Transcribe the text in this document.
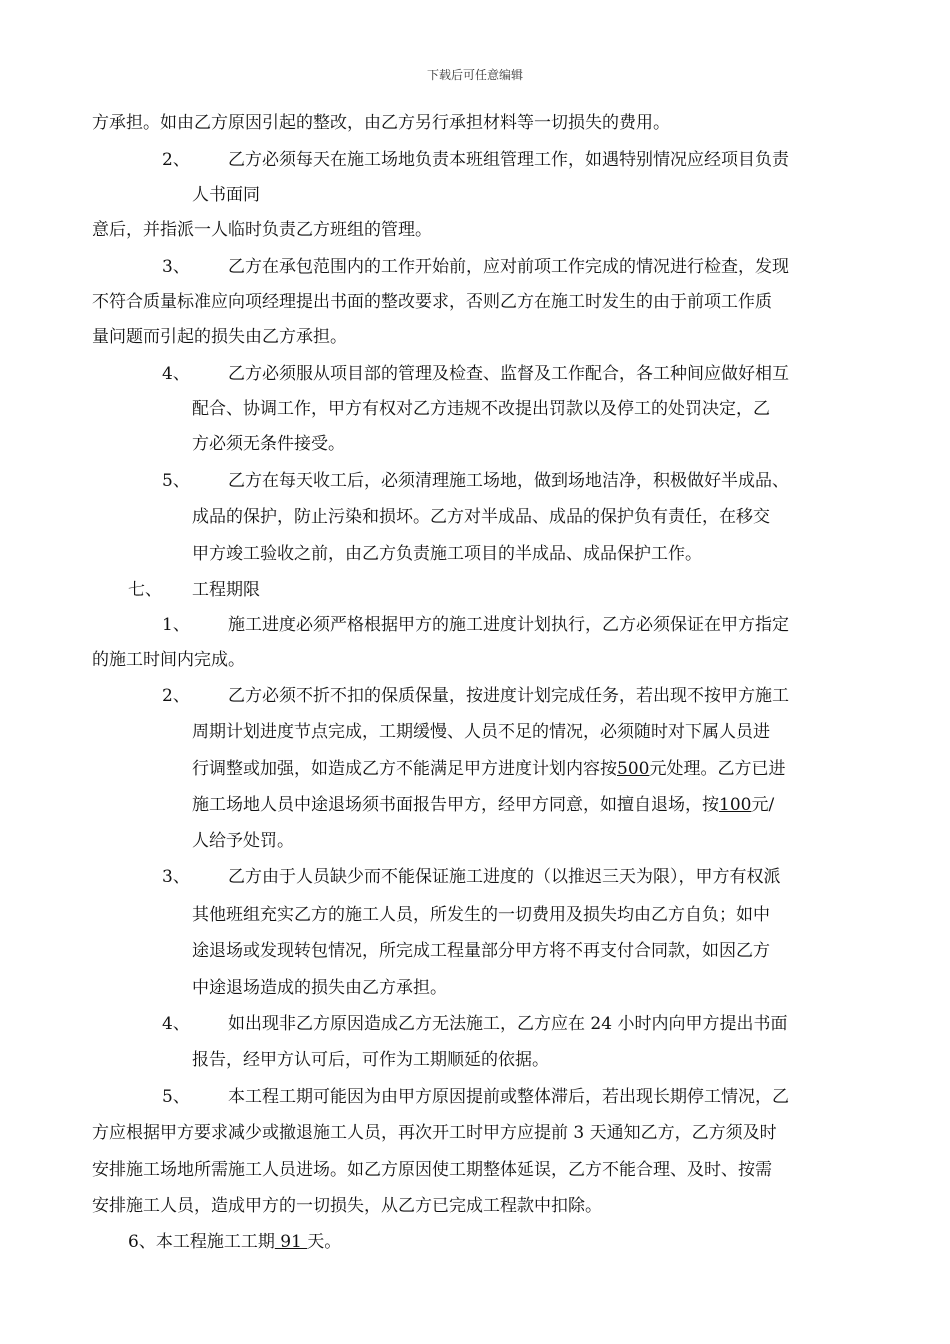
下载后可任意编辑
方承担。如由乙方原因引起的整改，由乙方另行承担材料等一切损失的费用。
2、 乙方必须每天在施工场地负责本班组管理工作，如遇特别情况应经项目负责
人书面同
意后，并指派一人临时负责乙方班组的管理。
3、 乙方在承包范围内的工作开始前，应对前项工作完成的情况进行检查，发现
不符合质量标准应向项经理提出书面的整改要求，否则乙方在施工时发生的由于前项工作质
量问题而引起的损失由乙方承担。
4、 乙方必须服从项目部的管理及检查、监督及工作配合，各工种间应做好相互
配合、协调工作，甲方有权对乙方违规不改提出罚款以及停工的处罚决定，乙
方必须无条件接受。
5、 乙方在每天收工后，必须清理施工场地，做到场地洁净，积极做好半成品、
成品的保护，防止污染和损坏。乙方对半成品、成品的保护负有责任，在移交
甲方竣工验收之前，由乙方负责施工项目的半成品、成品保护工作。
七、 工程期限
1、 施工进度必须严格根据甲方的施工进度计划执行，乙方必须保证在甲方指定
的施工时间内完成。
2、 乙方必须不折不扣的保质保量，按进度计划完成任务，若出现不按甲方施工
周期计划进度节点完成，工期缓慢、人员不足的情况，必须随时对下属人员进
行调整或加强，如造成乙方不能满足甲方进度计划内容按500元处理。乙方已进
施工场地人员中途退场须书面报告甲方，经甲方同意，如擅自退场，按100元/
人给予处罚。
3、 乙方由于人员缺少而不能保证施工进度的（以推迟三天为限），甲方有权派
其他班组充实乙方的施工人员，所发生的一切费用及损失均由乙方自负；如中
途退场或发现转包情况，所完成工程量部分甲方将不再支付合同款，如因乙方
中途退场造成的损失由乙方承担。
4、 如出现非乙方原因造成乙方无法施工，乙方应在 24 小时内向甲方提出书面
报告，经甲方认可后，可作为工期顺延的依据。
5、 本工程工期可能因为由甲方原因提前或整体滞后，若出现长期停工情况，乙
方应根据甲方要求减少或撤退施工人员，再次开工时甲方应提前 3 天通知乙方，乙方须及时
安排施工场地所需施工人员进场。如乙方原因使工期整体延误，乙方不能合理、及时、按需
安排施工人员，造成甲方的一切损失，从乙方已完成工程款中扣除。
6、本工程施工工期 91 天。
